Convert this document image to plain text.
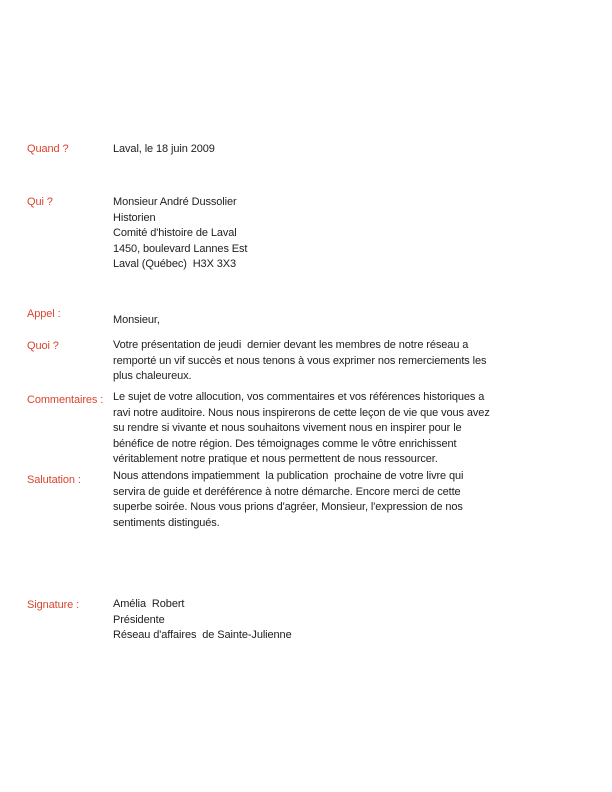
Quand ?	Laval, le 18 juin 2009
Qui ?	Monsieur André Dussolier
Historien
Comité d'histoire de Laval
1450, boulevard Lannes Est
Laval (Québec)  H3X 3X3
Appel :	Monsieur,
Quoi ?	Votre présentation de jeudi  dernier devant les membres de notre réseau a
remporté un vif succès et nous tenons à vous exprimer nos remerciements les
plus chaleureux.
Commentaires : Le sujet de votre allocution, vos commentaires et vos références historiques a
ravi notre auditoire. Nous nous inspirerons de cette leçon de vie que vous avez
su rendre si vivante et nous souhaitons vivement nous en inspirer pour le
bénéfice de notre région. Des témoignages comme le vôtre enrichissent
véritablement notre pratique et nous permettent de nous ressourcer.
Salutation :	Nous attendons impatiemment  la publication  prochaine de votre livre qui
servira de guide et deréférence à notre démarche. Encore merci de cette
superbe soirée. Nous vous prions d'agréer, Monsieur, l'expression de nos
sentiments distingués.
Signature :	Amélia  Robert
Présidente
Réseau d'affaires  de Sainte-Julienne
